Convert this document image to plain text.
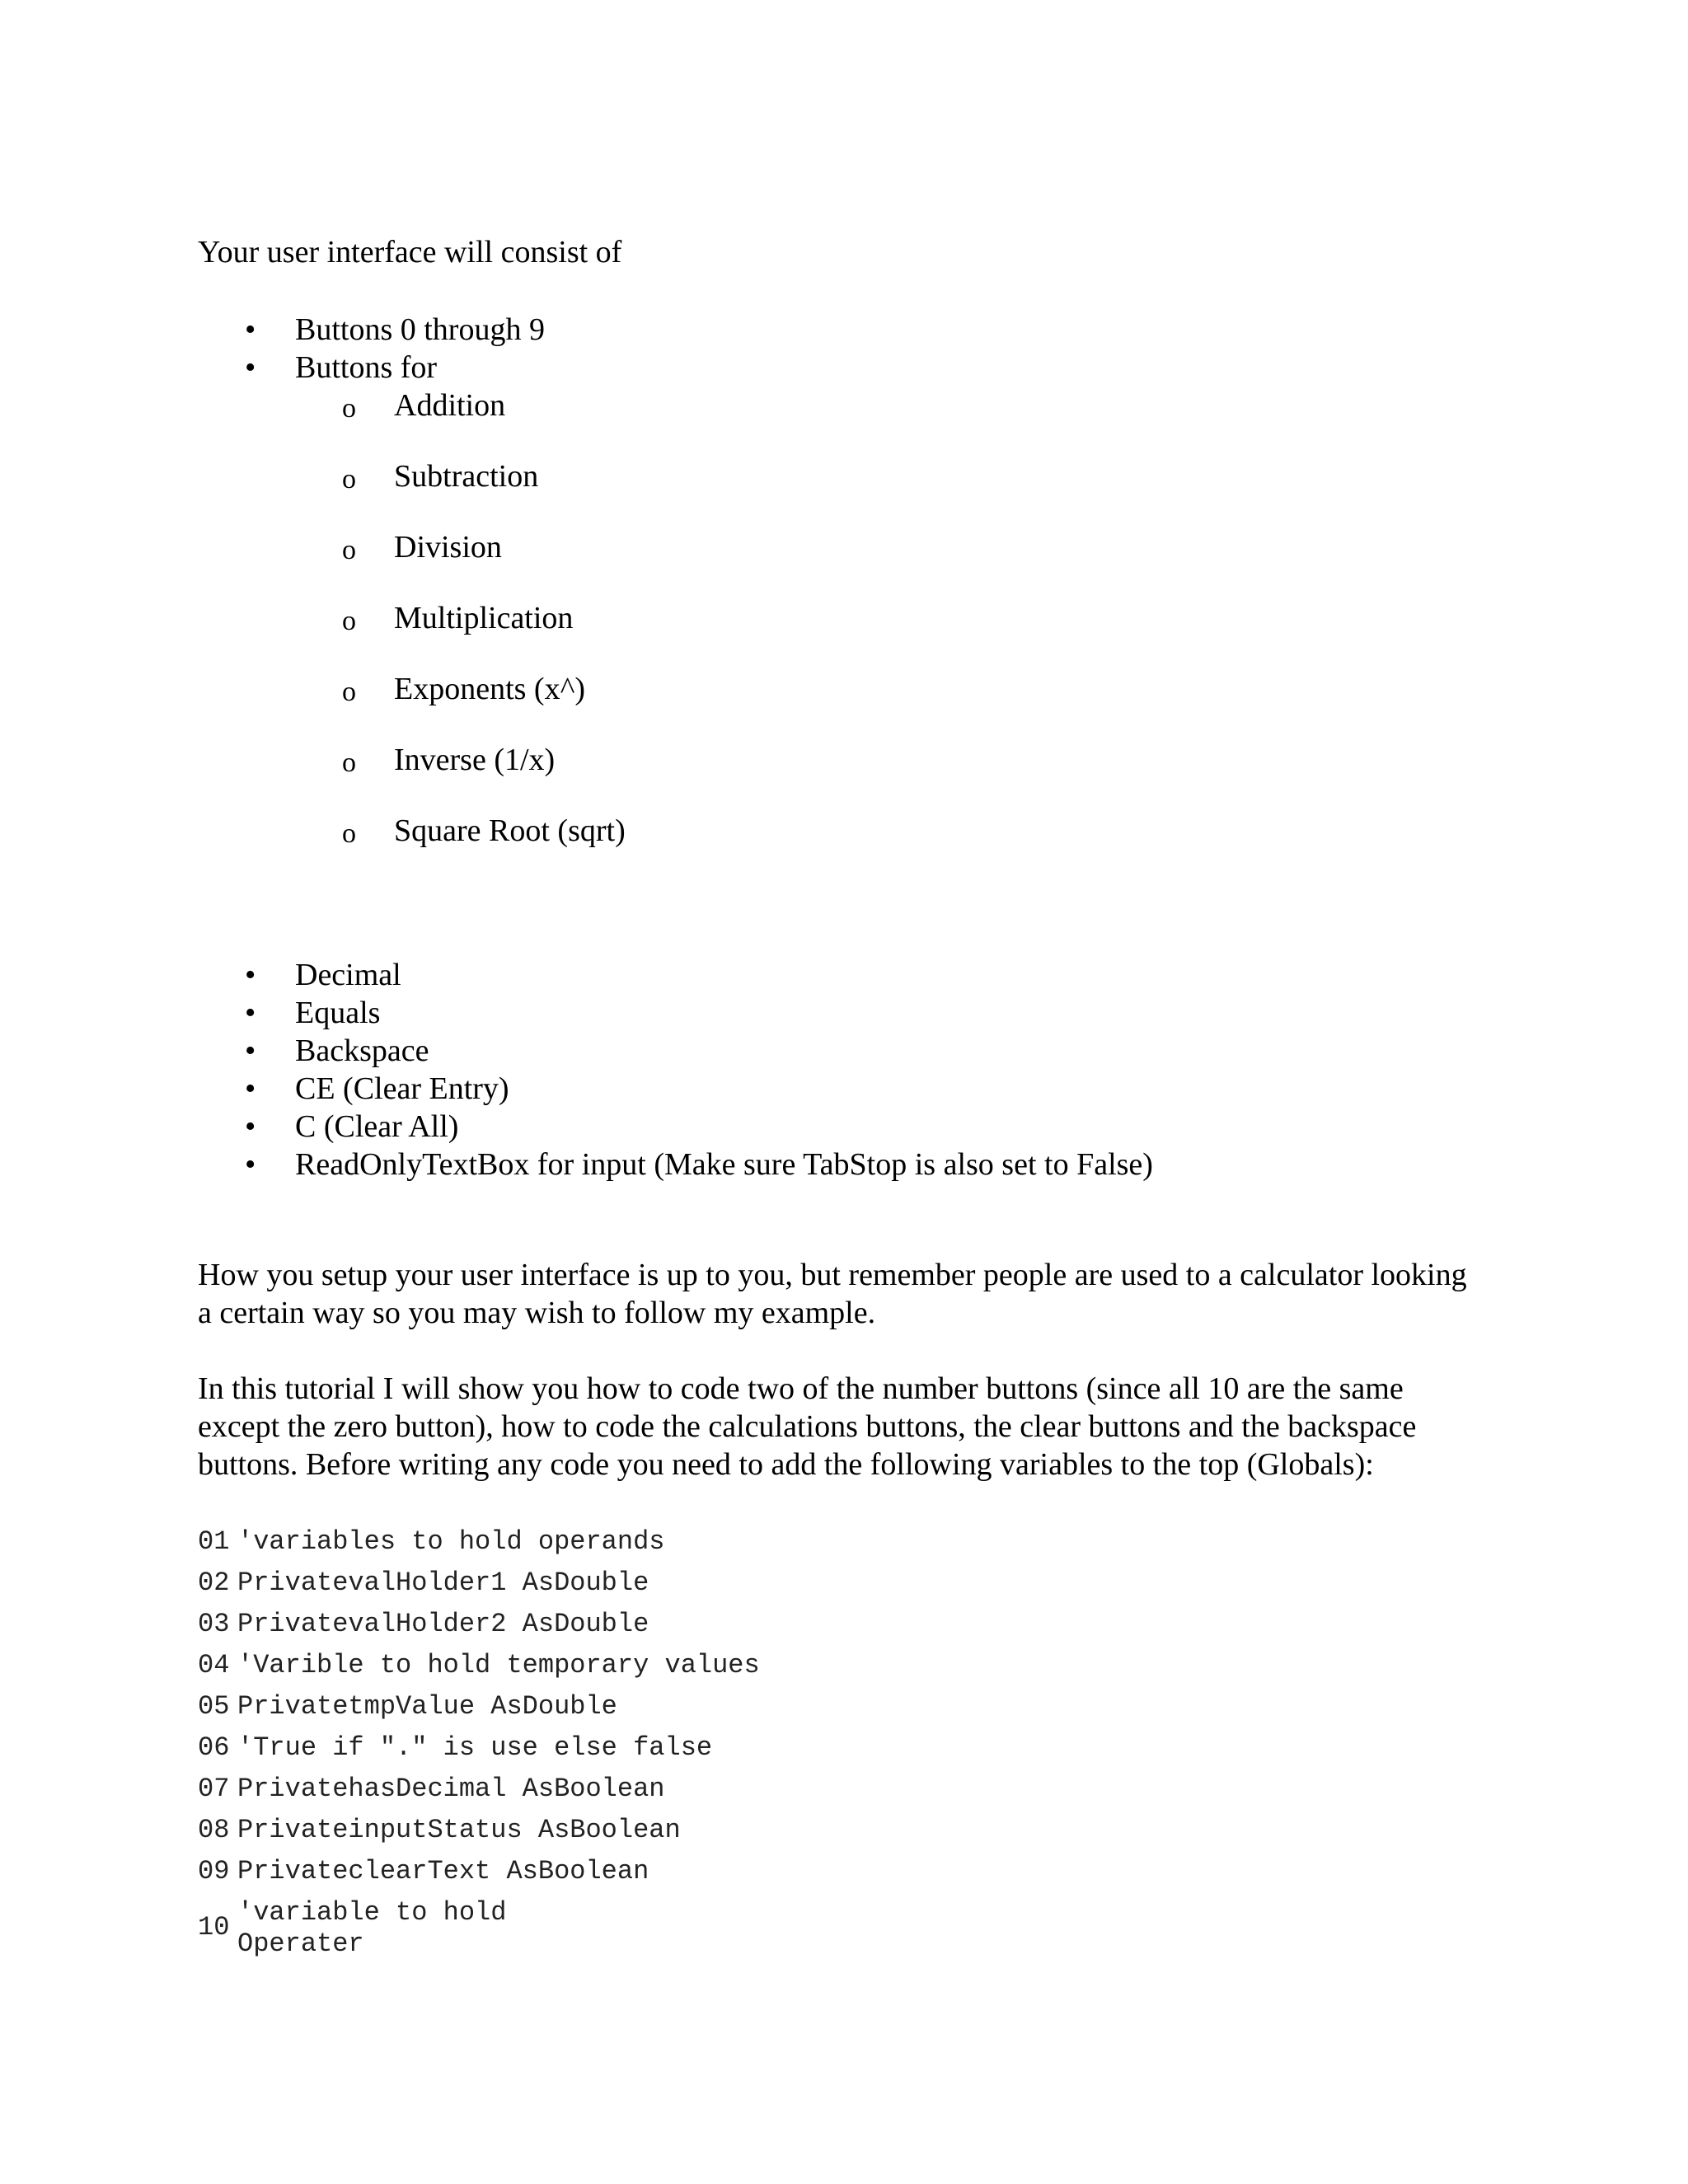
Your user interface will consist of

• Buttons 0 through 9
• Buttons for
o Addition
o Subtraction
o Division
o Multiplication
o Exponents (x^)
o Inverse (1/x)
o Square Root (sqrt)
• Decimal
• Equals
• Backspace
• CE (Clear Entry)
• C (Clear All)
• ReadOnlyTextBox for input (Make sure TabStop is also set to False)

How you setup your user interface is up to you, but remember people are used to a calculator looking a certain way so you may wish to follow my example.

In this tutorial I will show you how to code two of the number buttons (since all 10 are the same except the zero button), how to code the calculations buttons, the clear buttons and the backspace buttons. Before writing any code you need to add the following variables to the top (Globals):

01 'variables to hold operands
02 PrivatevalHolder1 AsDouble
03 PrivatevalHolder2 AsDouble
04 'Varible to hold temporary values
05 PrivatetmpValue AsDouble
06 'True if "." is use else false
07 PrivatehasDecimal AsBoolean
08 PrivateinputStatus AsBoolean
09 PrivateclearText AsBoolean
10 'variable to hold Operater
